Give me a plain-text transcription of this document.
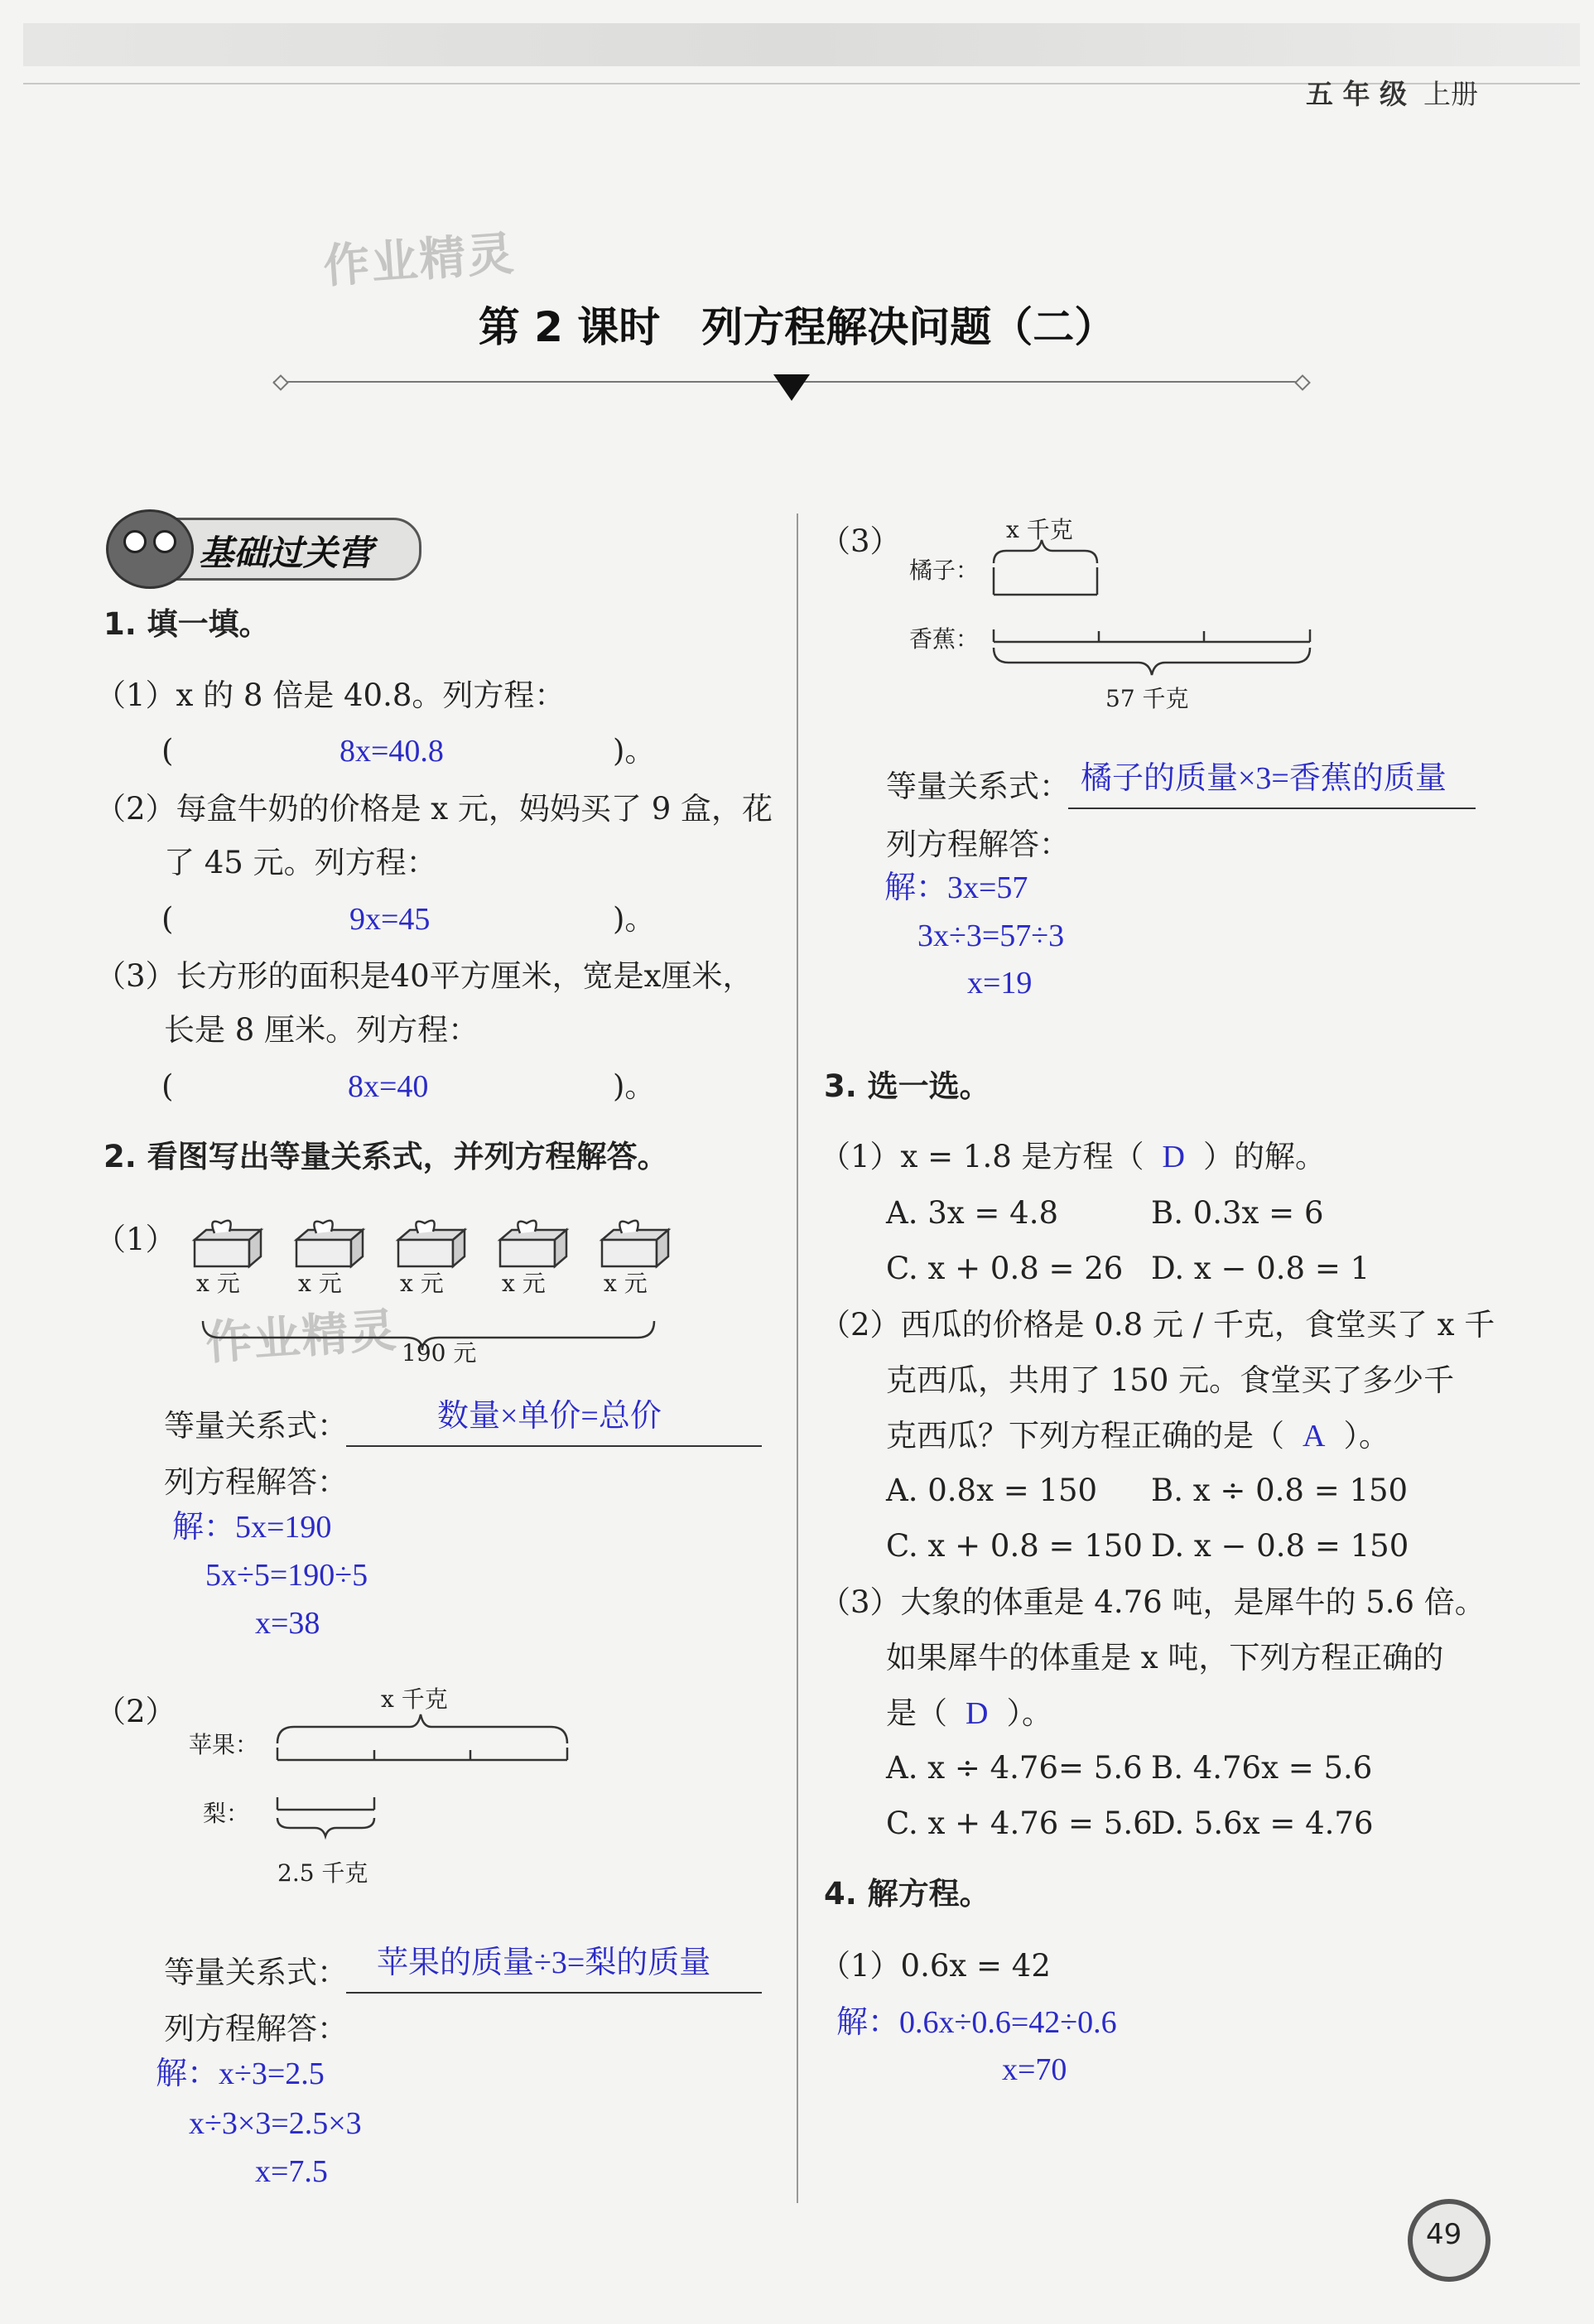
五 年 级 上册
作业精灵
作业精灵
第 2 课时　列方程解决问题（二）
基础过关营
1. 填一填。
（1）x 的 8 倍是 40.8。列方程：
(	8x=40.8	)。
（2）每盒牛奶的价格是 x 元，妈妈买了 9 盒，花
了 45 元。列方程：
(	9x=45	)。
（3）长方形的面积是40平方厘米，宽是x厘米，
长是 8 厘米。列方程：
(	8x=40	)。
2. 看图写出等量关系式，并列方程解答。
（1）
x 元	x 元	x 元	x 元	x 元
190 元
等量关系式：	数量×单价=总价
列方程解答：
解：5x=190
5x÷5=190÷5
x=38
（2）	x 千克
苹果：
梨：
2.5 千克
等量关系式： 苹果的质量÷3=梨的质量
列方程解答：
解：x÷3=2.5
x÷3×3=2.5×3
x=7.5
（3）	x 千克
橘子：
香蕉：
57 千克
等量关系式： 橘子的质量×3=香蕉的质量
列方程解答：
解：3x=57
3x÷3=57÷3
x=19
3. 选一选。
（1）x = 1.8 是方程（ D ）的解。
A. 3x = 4.8	B. 0.3x = 6
C. x + 0.8 = 26 D. x − 0.8 = 1
（2）西瓜的价格是 0.8 元 / 千克，食堂买了 x 千
克西瓜，共用了 150 元。食堂买了多少千
克西瓜？下列方程正确的是（ A ）。
A. 0.8x = 150 B. x ÷ 0.8 = 150
C. x + 0.8 = 150 D. x − 0.8 = 150
（3）大象的体重是 4.76 吨，是犀牛的 5.6 倍。
如果犀牛的体重是 x 吨，下列方程正确的
是（ D ）。
A. x ÷ 4.76= 5.6 B. 4.76x = 5.6
C. x + 4.76 = 5.6
D. 5.6x = 4.76
4. 解方程。
（1）0.6x = 42
解：0.6x÷0.6=42÷0.6
x=70
49
